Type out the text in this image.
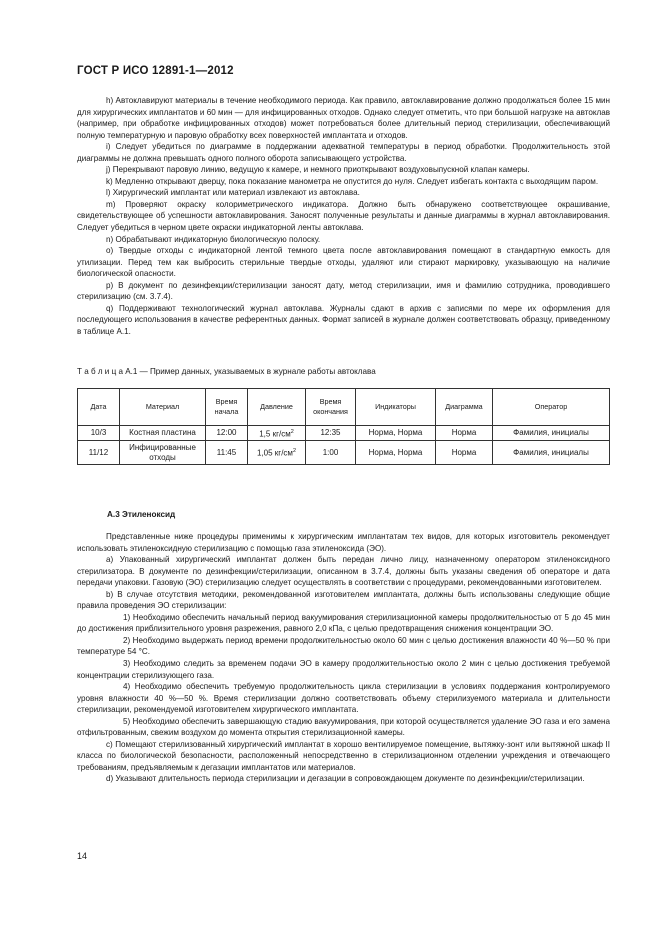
ГОСТ Р ИСО 12891-1—2012

h) Автоклавируют материалы в течение необходимого периода. Как правило, автоклавирование должно продолжаться более 15 мин для хирургических имплантатов и 60 мин — для инфицированных отходов. Однако следует отметить, что при большой нагрузке на автоклав (например, при обработке инфицированных отходов) может потребоваться более длительный период стерилизации, обеспечивающий полную температурную и паровую обработку всех поверхностей имплантата и отходов.

i) Следует убедиться по диаграмме в поддержании адекватной температуры в период обработки. Продолжительность этой диаграммы не должна превышать одного полного оборота записывающего устройства.

j) Перекрывают паровую линию, ведущую к камере, и немного приоткрывают воздуховыпускной клапан камеры.

k) Медленно открывают дверцу, пока показание манометра не опустится до нуля. Следует избегать контакта с выходящим паром.

l) Хирургический имплантат или материал извлекают из автоклава.

m) Проверяют окраску колориметрического индикатора. Должно быть обнаружено соответствующее окрашивание, свидетельствующее об успешности автоклавирования. Заносят полученные результаты и данные диаграммы в журнал автоклавирования. Следует убедиться в черном цвете окраски индикаторной ленты автоклава.

n) Обрабатывают индикаторную биологическую полоску.

o) Твердые отходы с индикаторной лентой темного цвета после автоклавирования помещают в стандартную емкость для утилизации. Перед тем как выбросить стерильные твердые отходы, удаляют или стирают маркировку, указывающую на наличие биологической опасности.

p) В документ по дезинфекции/стерилизации заносят дату, метод стерилизации, имя и фамилию сотрудника, проводившего стерилизацию (см. 3.7.4).

q) Поддерживают технологический журнал автоклава. Журналы сдают в архив с записями по мере их оформления для последующего использования в качестве референтных данных. Формат записей в журнале должен соответствовать образцу, приведенному в таблице А.1.

Т а б л и ц а А.1 — Пример данных, указываемых в журнале работы автоклава
Дата	Материал	Время начала	Давление	Время окончания	Индикаторы	Диаграмма	Оператор
10/3	Костная пластина	12:00	1,5 $кг/см^2$	12:35	Норма, Норма	Норма	Фамилия, инициалы
11/12	Инфицированные отходы	11:45	1,05 $кг/см^2$	1:00	Норма, Норма	Норма	Фамилия, инициалы
А.3 Этиленоксид

Представленные ниже процедуры применимы к хирургическим имплантатам тех видов, для которых изготовитель рекомендует использовать этиленоксидную стерилизацию с помощью газа этиленоксида (ЭО).

a) Упакованный хирургический имплантат должен быть передан лично лицу, назначенному оператором этиленоксидного стерилизатора. В документе по дезинфекции/стерилизации, описанном в 3.7.4, должны быть указаны сведения об операторе и дата передачи упаковки. Газовую (ЭО) стерилизацию следует осуществлять в соответствии с процедурами, рекомендованными изготовителем.

b) В случае отсутствия методики, рекомендованной изготовителем имплантата, должны быть использованы следующие общие правила проведения ЭО стерилизации:

1) Необходимо обеспечить начальный период вакуумирования стерилизационной камеры продолжительностью от 5 до 45 мин до достижения приблизительного уровня разрежения, равного 2,0 кПа, с целью предотвращения снижения концентрации ЭО.

2) Необходимо выдержать период времени продолжительностью около 60 мин с целью достижения влажности 40 %—50 % при температуре 54 °С.

3) Необходимо следить за временем подачи ЭО в камеру продолжительностью около 2 мин с целью достижения требуемой концентрации стерилизующего газа.

4) Необходимо обеспечить требуемую продолжительность цикла стерилизации в условиях поддержания контролируемого уровня влажности 40 %—50 %. Время стерилизации должно соответствовать объему стерилизуемого материала и длительности стерилизации, рекомендуемой изготовителем хирургического имплантата.

5) Необходимо обеспечить завершающую стадию вакуумирования, при которой осуществляется удаление ЭО газа и его замена отфильтрованным, свежим воздухом до момента открытия стерилизационной камеры.

c) Помещают стерилизованный хирургический имплантат в хорошо вентилируемое помещение, вытяжку-зонт или вытяжной шкаф II класса по биологической безопасности, расположенный непосредственно в стерилизационном отделении учреждения и отвечающего требованиям, предъявляемым к дегазации имплантатов или материалов.

d) Указывают длительность периода стерилизации и дегазации в сопровождающем документе по дезинфекции/стерилизации.

14
